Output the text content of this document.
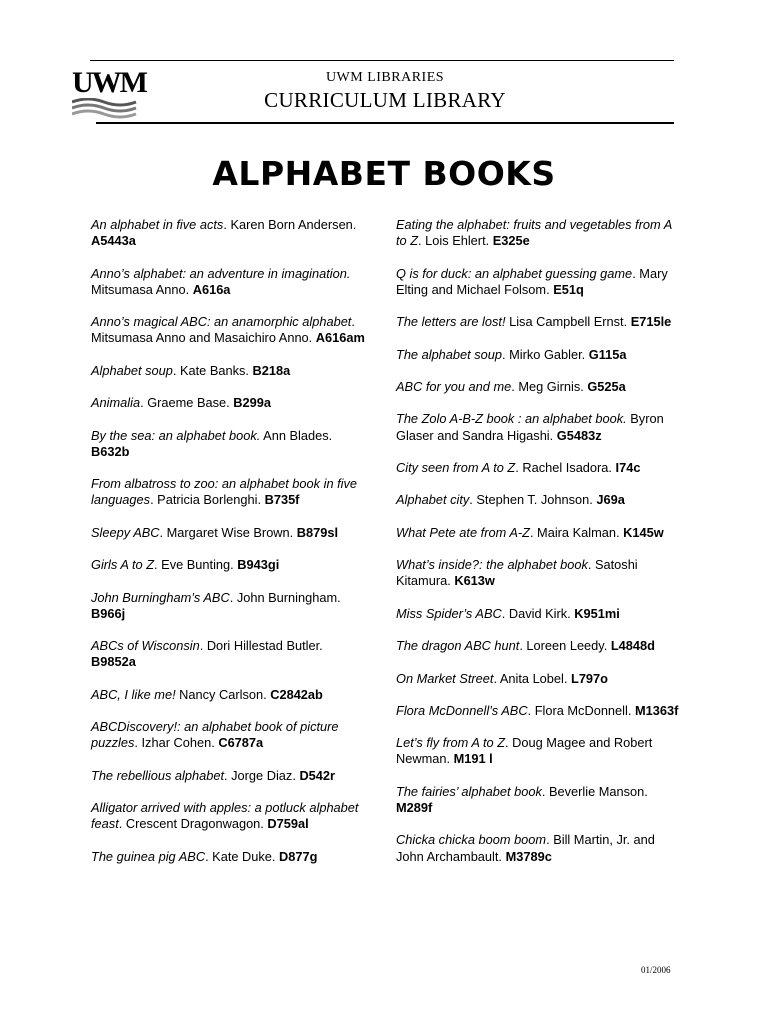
UWM	UWM LIBRARIES
CURRICULUM LIBRARY
ALPHABET BOOKS
An alphabet in five acts. Karen Born Andersen. A5443a
Anno’s alphabet: an adventure in imagination. Mitsumasa Anno. A616a
Anno’s magical ABC: an anamorphic alphabet. Mitsumasa Anno and Masaichiro Anno. A616am
Alphabet soup. Kate Banks. B218a
Animalia. Graeme Base. B299a
By the sea: an alphabet book. Ann Blades. B632b
From albatross to zoo: an alphabet book in five languages. Patricia Borlenghi. B735f
Sleepy ABC. Margaret Wise Brown. B879sl
Girls A to Z. Eve Bunting. B943gi
John Burningham’s ABC. John Burningham. B966j
ABCs of Wisconsin. Dori Hillestad Butler. B9852a
ABC, I like me! Nancy Carlson. C2842ab
ABCDiscovery!: an alphabet book of picture puzzles. Izhar Cohen. C6787a
The rebellious alphabet. Jorge Diaz. D542r
Alligator arrived with apples: a potluck alphabet feast. Crescent Dragonwagon. D759al
The guinea pig ABC. Kate Duke. D877g
Eating the alphabet: fruits and vegetables from A to Z. Lois Ehlert. E325e
Q is for duck: an alphabet guessing game. Mary Elting and Michael Folsom. E51q
The letters are lost! Lisa Campbell Ernst. E715le
The alphabet soup. Mirko Gabler. G115a
ABC for you and me. Meg Girnis. G525a
The Zolo A-B-Z book : an alphabet book. Byron Glaser and Sandra Higashi. G5483z
City seen from A to Z. Rachel Isadora. I74c
Alphabet city. Stephen T. Johnson. J69a
What Pete ate from A-Z. Maira Kalman. K145w
What’s inside?: the alphabet book. Satoshi Kitamura. K613w
Miss Spider’s ABC. David Kirk. K951mi
The dragon ABC hunt. Loreen Leedy. L4848d
On Market Street. Anita Lobel. L797o
Flora McDonnell’s ABC. Flora McDonnell. M1363f
Let’s fly from A to Z. Doug Magee and Robert Newman. M191 l
The fairies’ alphabet book. Beverlie Manson. M289f
Chicka chicka boom boom. Bill Martin, Jr. and John Archambault. M3789c
01/2006
